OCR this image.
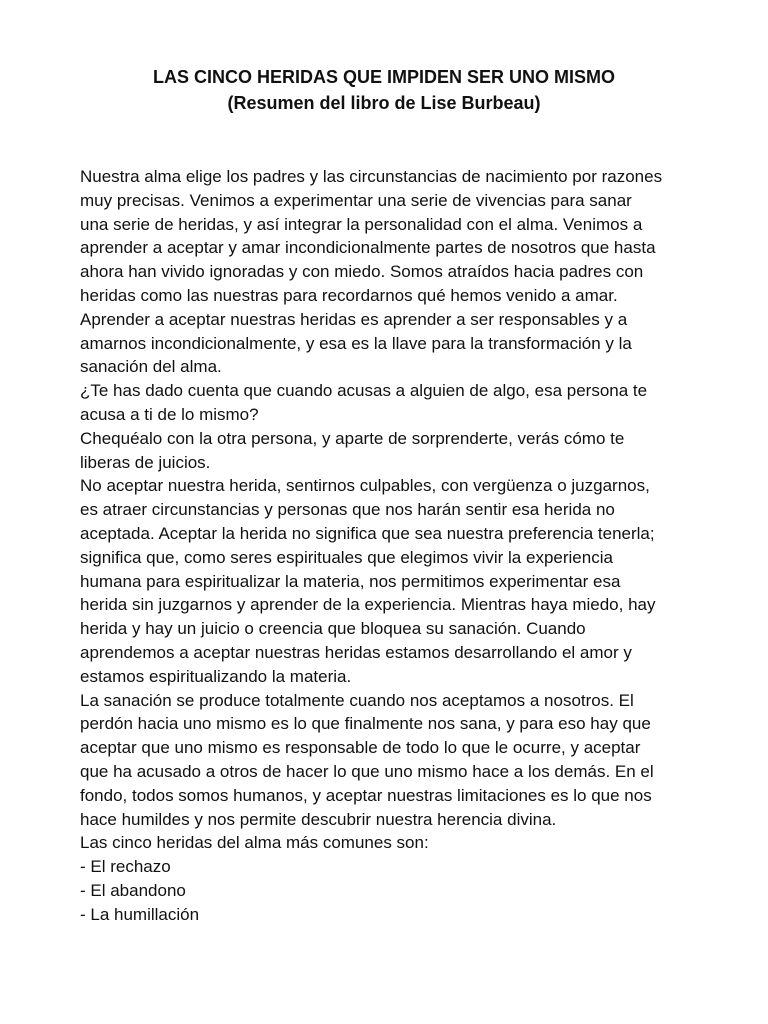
LAS CINCO HERIDAS QUE IMPIDEN SER UNO MISMO

(Resumen del libro de Lise Burbeau)

Nuestra alma elige los padres y las circunstancias de nacimiento por razones
muy precisas. Venimos a experimentar una serie de vivencias para sanar
una serie de heridas, y así integrar la personalidad con el alma. Venimos a
aprender a aceptar y amar incondicionalmente partes de nosotros que hasta
ahora han vivido ignoradas y con miedo. Somos atraídos hacia padres con
heridas como las nuestras para recordarnos qué hemos venido a amar.
Aprender a aceptar nuestras heridas es aprender a ser responsables y a
amarnos incondicionalmente, y esa es la llave para la transformación y la
sanación del alma.
¿Te has dado cuenta que cuando acusas a alguien de algo, esa persona te
acusa a ti de lo mismo?
Chequéalo con la otra persona, y aparte de sorprenderte, verás cómo te
liberas de juicios.
No aceptar nuestra herida, sentirnos culpables, con vergüenza o juzgarnos,
es atraer circunstancias y personas que nos harán sentir esa herida no
aceptada. Aceptar la herida no significa que sea nuestra preferencia tenerla;
significa que, como seres espirituales que elegimos vivir la experiencia
humana para espiritualizar la materia, nos permitimos experimentar esa
herida sin juzgarnos y aprender de la experiencia. Mientras haya miedo, hay
herida y hay un juicio o creencia que bloquea su sanación. Cuando
aprendemos a aceptar nuestras heridas estamos desarrollando el amor y
estamos espiritualizando la materia.
La sanación se produce totalmente cuando nos aceptamos a nosotros. El
perdón hacia uno mismo es lo que finalmente nos sana, y para eso hay que
aceptar que uno mismo es responsable de todo lo que le ocurre, y aceptar
que ha acusado a otros de hacer lo que uno mismo hace a los demás. En el
fondo, todos somos humanos, y aceptar nuestras limitaciones es lo que nos
hace humildes y nos permite descubrir nuestra herencia divina.
Las cinco heridas del alma más comunes son:
- El rechazo
- El abandono
- La humillación
